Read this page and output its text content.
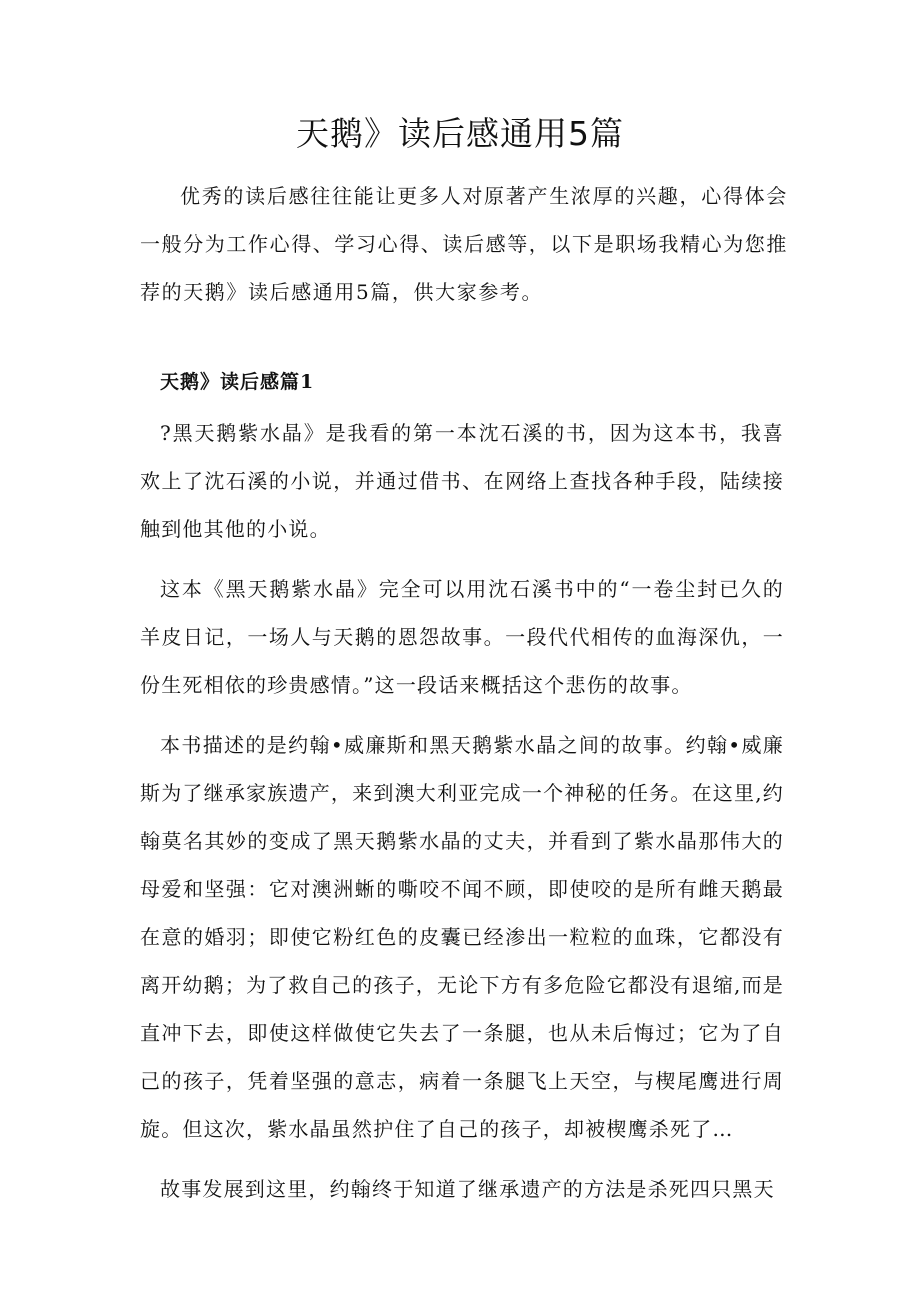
天鹅》读后感通用5篇

优秀的读后感往往能让更多人对原著产生浓厚的兴趣，心得体会一般分为工作心得、学习心得、读后感等，以下是职场我精心为您推荐的天鹅》读后感通用5篇，供大家参考。

天鹅》读后感篇1

?黑天鹅紫水晶》是我看的第一本沈石溪的书，因为这本书，我喜欢上了沈石溪的小说，并通过借书、在网络上查找各种手段，陆续接触到他其他的小说。

这本《黑天鹅紫水晶》完全可以用沈石溪书中的“一卷尘封已久的羊皮日记，一场人与天鹅的恩怨故事。一段代代相传的血海深仇，一份生死相依的珍贵感情。”这一段话来概括这个悲伤的故事。

本书描述的是约翰•威廉斯和黑天鹅紫水晶之间的故事。约翰•威廉斯为了继承家族遗产，来到澳大利亚完成一个神秘的任务。在这里,约翰莫名其妙的变成了黑天鹅紫水晶的丈夫，并看到了紫水晶那伟大的母爱和坚强：它对澳洲蜥的嘶咬不闻不顾，即使咬的是所有雌天鹅最在意的婚羽；即使它粉红色的皮囊已经渗出一粒粒的血珠，它都没有离开幼鹅；为了救自己的孩子，无论下方有多危险它都没有退缩,而是直冲下去，即使这样做使它失去了一条腿，也从未后悔过；它为了自己的孩子，凭着坚强的意志，病着一条腿飞上天空，与楔尾鹰进行周旋。但这次，紫水晶虽然护住了自己的孩子，却被楔鹰杀死了…

故事发展到这里，约翰终于知道了继承遗产的方法是杀死四只黑天
